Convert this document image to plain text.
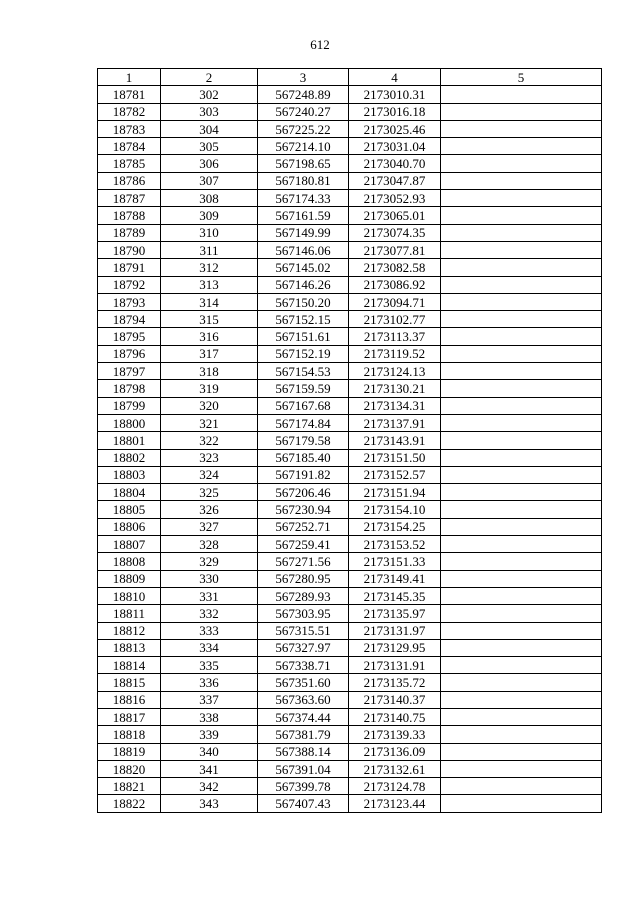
612
1	2	3	4	5
18781	302	567248.89	2173010.31	
18782	303	567240.27	2173016.18	
18783	304	567225.22	2173025.46	
18784	305	567214.10	2173031.04	
18785	306	567198.65	2173040.70	
18786	307	567180.81	2173047.87	
18787	308	567174.33	2173052.93	
18788	309	567161.59	2173065.01	
18789	310	567149.99	2173074.35	
18790	311	567146.06	2173077.81	
18791	312	567145.02	2173082.58	
18792	313	567146.26	2173086.92	
18793	314	567150.20	2173094.71	
18794	315	567152.15	2173102.77	
18795	316	567151.61	2173113.37	
18796	317	567152.19	2173119.52	
18797	318	567154.53	2173124.13	
18798	319	567159.59	2173130.21	
18799	320	567167.68	2173134.31	
18800	321	567174.84	2173137.91	
18801	322	567179.58	2173143.91	
18802	323	567185.40	2173151.50	
18803	324	567191.82	2173152.57	
18804	325	567206.46	2173151.94	
18805	326	567230.94	2173154.10	
18806	327	567252.71	2173154.25	
18807	328	567259.41	2173153.52	
18808	329	567271.56	2173151.33	
18809	330	567280.95	2173149.41	
18810	331	567289.93	2173145.35	
18811	332	567303.95	2173135.97	
18812	333	567315.51	2173131.97	
18813	334	567327.97	2173129.95	
18814	335	567338.71	2173131.91	
18815	336	567351.60	2173135.72	
18816	337	567363.60	2173140.37	
18817	338	567374.44	2173140.75	
18818	339	567381.79	2173139.33	
18819	340	567388.14	2173136.09	
18820	341	567391.04	2173132.61	
18821	342	567399.78	2173124.78	
18822	343	567407.43	2173123.44	
